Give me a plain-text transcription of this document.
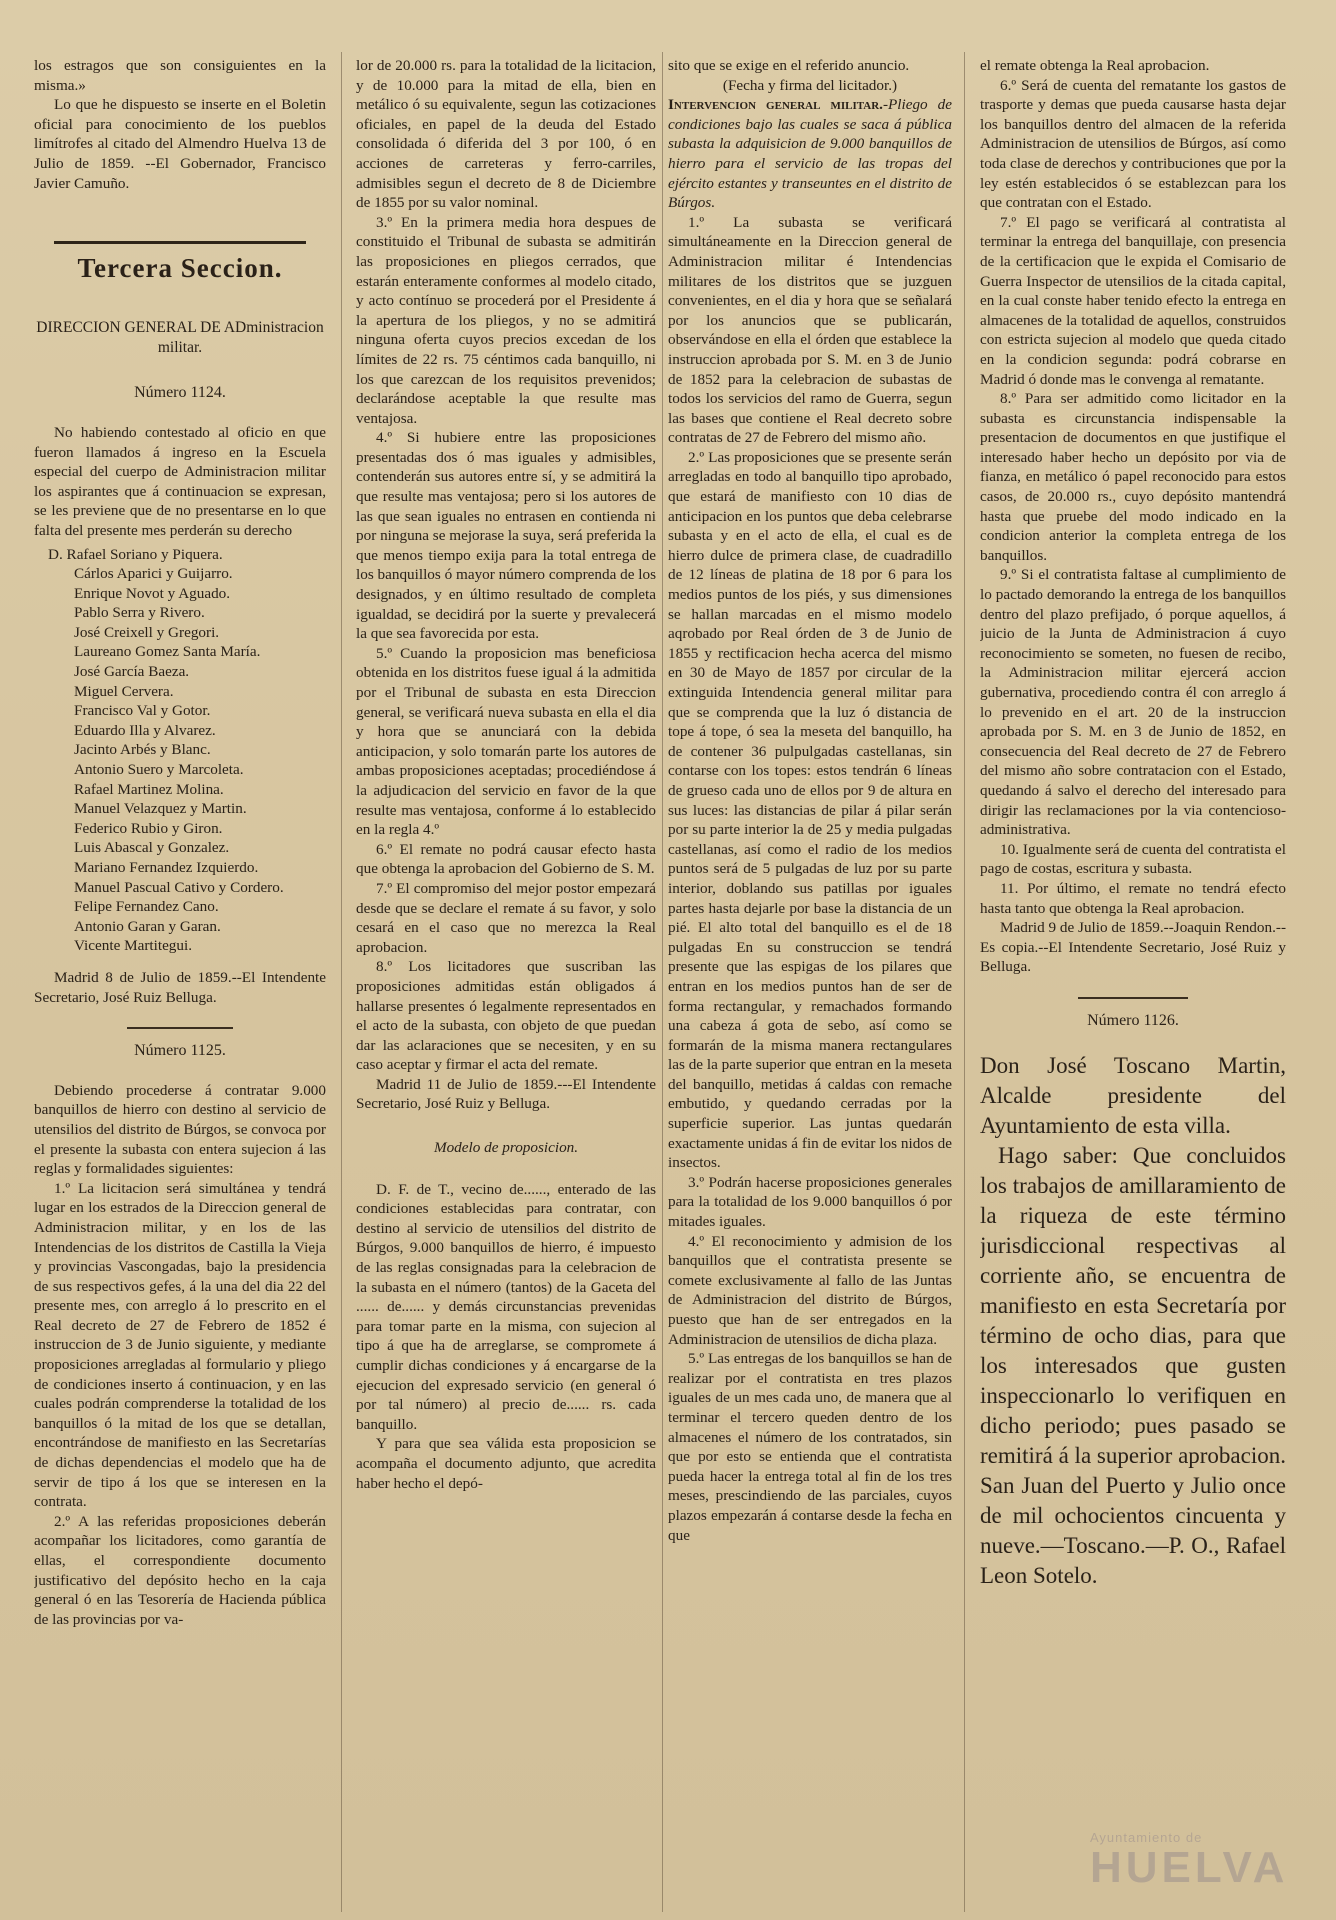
los estragos que son consiguientes en la misma.»

Lo que he dispuesto se inserte en el Boletin oficial para conocimiento de los pueblos limítrofes al citado del Almendro Huelva 13 de Julio de 1859. --El Gobernador, Francisco Javier Camuño.

Tercera Seccion.

DIRECCION GENERAL DE ADministracion militar.

Número 1124.

No habiendo contestado al oficio en que fueron llamados á ingreso en la Escuela especial del cuerpo de Administracion militar los aspirantes que á continuacion se expresan, se les previene que de no presentarse en lo que falta del presente mes perderán su derecho

D. Rafael Soriano y Piquera.
Cárlos Aparici y Guijarro.
Enrique Novot y Aguado.
Pablo Serra y Rivero.
José Creixell y Gregori.
Laureano Gomez Santa María.
José García Baeza.
Miguel Cervera.
Francisco Val y Gotor.
Eduardo Illa y Alvarez.
Jacinto Arbés y Blanc.
Antonio Suero y Marcoleta.
Rafael Martinez Molina.
Manuel Velazquez y Martin.
Federico Rubio y Giron.
Luis Abascal y Gonzalez.
Mariano Fernandez Izquierdo.
Manuel Pascual Cativo y Cordero.
Felipe Fernandez Cano.
Antonio Garan y Garan.
Vicente Martitegui.

Madrid 8 de Julio de 1859.--El Intendente Secretario, José Ruiz Belluga.

Número 1125.

Debiendo procederse á contratar 9.000 banquillos de hierro con destino al servicio de utensilios del distrito de Búrgos, se convoca por el presente la subasta con entera sujecion á las reglas y formalidades siguientes:

1.º La licitacion será simultánea y tendrá lugar en los estrados de la Direccion general de Administracion militar, y en los de las Intendencias de los distritos de Castilla la Vieja y provincias Vascongadas, bajo la presidencia de sus respectivos gefes, á la una del dia 22 del presente mes, con arreglo á lo prescrito en el Real decreto de 27 de Febrero de 1852 é instruccion de 3 de Junio siguiente, y mediante proposiciones arregladas al formulario y pliego de condiciones inserto á continuacion, y en las cuales podrán comprenderse la totalidad de los banquillos ó la mitad de los que se detallan, encontrándose de manifiesto en las Secretarías de dichas dependencias el modelo que ha de servir de tipo á los que se interesen en la contrata.

2.º A las referidas proposiciones deberán acompañar los licitadores, como garantía de ellas, el correspondiente documento justificativo del depósito hecho en la caja general ó en las Tesorería de Hacienda pública de las provincias por va-

lor de 20.000 rs. para la totalidad de la licitacion, y de 10.000 para la mitad de ella, bien en metálico ó su equivalente, segun las cotizaciones oficiales, en papel de la deuda del Estado consolidada ó diferida del 3 por 100, ó en acciones de carreteras y ferro-carriles, admisibles segun el decreto de 8 de Diciembre de 1855 por su valor nominal.

3.º En la primera media hora despues de constituido el Tribunal de subasta se admitirán las proposiciones en pliegos cerrados, que estarán enteramente conformes al modelo citado, y acto contínuo se procederá por el Presidente á la apertura de los pliegos, y no se admitirá ninguna oferta cuyos precios excedan de los límites de 22 rs. 75 céntimos cada banquillo, ni los que carezcan de los requisitos prevenidos; declarándose aceptable la que resulte mas ventajosa.

4.º Si hubiere entre las proposiciones presentadas dos ó mas iguales y admisibles, contenderán sus autores entre sí, y se admitirá la que resulte mas ventajosa; pero si los autores de las que sean iguales no entrasen en contienda ni por ninguna se mejorase la suya, será preferida la que menos tiempo exija para la total entrega de los banquillos ó mayor número comprenda de los designados, y en último resultado de completa igualdad, se decidirá por la suerte y prevalecerá la que sea favorecida por esta.

5.º Cuando la proposicion mas beneficiosa obtenida en los distritos fuese igual á la admitida por el Tribunal de subasta en esta Direccion general, se verificará nueva subasta en ella el dia y hora que se anunciará con la debida anticipacion, y solo tomarán parte los autores de ambas proposiciones aceptadas; procediéndose á la adjudicacion del servicio en favor de la que resulte mas ventajosa, conforme á lo establecido en la regla 4.º

6.º El remate no podrá causar efecto hasta que obtenga la aprobacion del Gobierno de S. M.

7.º El compromiso del mejor postor empezará desde que se declare el remate á su favor, y solo cesará en el caso que no merezca la Real aprobacion.

8.º Los licitadores que suscriban las proposiciones admitidas están obligados á hallarse presentes ó legalmente representados en el acto de la subasta, con objeto de que puedan dar las aclaraciones que se necesiten, y en su caso aceptar y firmar el acta del remate.

Madrid 11 de Julio de 1859.---El Intendente Secretario, José Ruiz y Belluga.

Modelo de proposicion.

D. F. de T., vecino de......, enterado de las condiciones establecidas para contratar, con destino al servicio de utensilios del distrito de Búrgos, 9.000 banquillos de hierro, é impuesto de las reglas consignadas para la celebracion de la subasta en el número (tantos) de la Gaceta del ...... de...... y demás circunstancias prevenidas para tomar parte en la misma, con sujecion al tipo á que ha de arreglarse, se compromete á cumplir dichas condiciones y á encargarse de la ejecucion del expresado servicio (en general ó por tal número) al precio de...... rs. cada banquillo.

Y para que sea válida esta proposicion se acompaña el documento adjunto, que acredita haber hecho el depó-

sito que se exige en el referido anuncio.

(Fecha y firma del licitador.)

Intervencion general militar.-Pliego de condiciones bajo las cuales se saca á pública subasta la adquisicion de 9.000 banquillos de hierro para el servicio de las tropas del ejército estantes y transeuntes en el distrito de Búrgos.

1.º La subasta se verificará simultáneamente en la Direccion general de Administracion militar é Intendencias militares de los distritos que se juzguen convenientes, en el dia y hora que se señalará por los anuncios que se publicarán, observándose en ella el órden que establece la instruccion aprobada por S. M. en 3 de Junio de 1852 para la celebracion de subastas de todos los servicios del ramo de Guerra, segun las bases que contiene el Real decreto sobre contratas de 27 de Febrero del mismo año.

2.º Las proposiciones que se presente serán arregladas en todo al banquillo tipo aprobado, que estará de manifiesto con 10 dias de anticipacion en los puntos que deba celebrarse subasta y en el acto de ella, el cual es de hierro dulce de primera clase, de cuadradillo de 12 líneas de platina de 18 por 6 para los medios puntos de los piés, y sus dimensiones se hallan marcadas en el mismo modelo aqrobado por Real órden de 3 de Junio de 1855 y rectificacion hecha acerca del mismo en 30 de Mayo de 1857 por circular de la extinguida Intendencia general militar para que se comprenda que la luz ó distancia de tope á tope, ó sea la meseta del banquillo, ha de contener 36 pulpulgadas castellanas, sin contarse con los topes: estos tendrán 6 líneas de grueso cada uno de ellos por 9 de altura en sus luces: las distancias de pilar á pilar serán por su parte interior la de 25 y media pulgadas castellanas, así como el radio de los medios puntos será de 5 pulgadas de luz por su parte interior, doblando sus patillas por iguales partes hasta dejarle por base la distancia de un pié. El alto total del banquillo es el de 18 pulgadas En su construccion se tendrá presente que las espigas de los pilares que entran en los medios puntos han de ser de forma rectangular, y remachados formando una cabeza á gota de sebo, así como se formarán de la misma manera rectangulares las de la parte superior que entran en la meseta del banquillo, metidas á caldas con remache embutido, y quedando cerradas por la superficie superior. Las juntas quedarán exactamente unidas á fin de evitar los nidos de insectos.

3.º Podrán hacerse proposiciones generales para la totalidad de los 9.000 banquillos ó por mitades iguales.

4.º El reconocimiento y admision de los banquillos que el contratista presente se comete exclusivamente al fallo de las Juntas de Administracion del distrito de Búrgos, puesto que han de ser entregados en la Administracion de utensilios de dicha plaza.

5.º Las entregas de los banquillos se han de realizar por el contratista en tres plazos iguales de un mes cada uno, de manera que al terminar el tercero queden dentro de los almacenes el número de los contratados, sin que por esto se entienda que el contratista pueda hacer la entrega total al fin de los tres meses, prescindiendo de las parciales, cuyos plazos empezarán á contarse desde la fecha en que

el remate obtenga la Real aprobacion.

6.º Será de cuenta del rematante los gastos de trasporte y demas que pueda causarse hasta dejar los banquillos dentro del almacen de la referida Administracion de utensilios de Búrgos, así como toda clase de derechos y contribuciones que por la ley estén establecidos ó se establezcan para los que contratan con el Estado.

7.º El pago se verificará al contratista al terminar la entrega del banquillaje, con presencia de la certificacion que le expida el Comisario de Guerra Inspector de utensilios de la citada capital, en la cual conste haber tenido efecto la entrega en almacenes de la totalidad de aquellos, construidos con estricta sujecion al modelo que queda citado en la condicion segunda: podrá cobrarse en Madrid ó donde mas le convenga al rematante.

8.º Para ser admitido como licitador en la subasta es circunstancia indispensable la presentacion de documentos en que justifique el interesado haber hecho un depósito por via de fianza, en metálico ó papel reconocido para estos casos, de 20.000 rs., cuyo depósito mantendrá hasta que pruebe del modo indicado en la condicion anterior la completa entrega de los banquillos.

9.º Si el contratista faltase al cumplimiento de lo pactado demorando la entrega de los banquillos dentro del plazo prefijado, ó porque aquellos, á juicio de la Junta de Administracion á cuyo reconocimiento se someten, no fuesen de recibo, la Administracion militar ejercerá accion gubernativa, procediendo contra él con arreglo á lo prevenido en el art. 20 de la instruccion aprobada por S. M. en 3 de Junio de 1852, en consecuencia del Real decreto de 27 de Febrero del mismo año sobre contratacion con el Estado, quedando á salvo el derecho del interesado para dirigir las reclamaciones por la via contencioso-administrativa.

10. Igualmente será de cuenta del contratista el pago de costas, escritura y subasta.

11. Por último, el remate no tendrá efecto hasta tanto que obtenga la Real aprobacion.

Madrid 9 de Julio de 1859.--Joaquin Rendon.--Es copia.--El Intendente Secretario, José Ruiz y Belluga.

Número 1126.

Don José Toscano Martin, Alcalde presidente del Ayuntamiento de esta villa.

Hago saber: Que concluidos los trabajos de amillaramiento de la riqueza de este término jurisdiccional respectivas al corriente año, se encuentra de manifiesto en esta Secretaría por término de ocho dias, para que los interesados que gusten inspeccionarlo lo verifiquen en dicho periodo; pues pasado se remitirá á la superior aprobacion. San Juan del Puerto y Julio once de mil ochocientos cincuenta y nueve.—Toscano.—P. O., Rafael Leon Sotelo.

Ayuntamiento de
HUELVA
